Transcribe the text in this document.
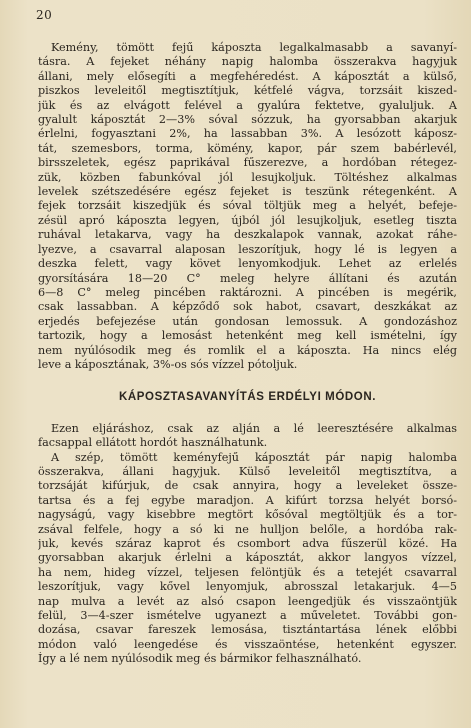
20
Kemény, tömött fejű káposzta legalkalmasabb a savanyí-
tásra. A fejeket néhány napig halomba összerakva hagyjuk
állani, mely elősegíti a megfehéredést. A káposztát a külső,
piszkos leveleitől megtisztítjuk, kétfelé vágva, torzsáit kiszed-
jük és az elvágott felével a gyalúra fektetve, gyaluljuk. A
gyalult káposztát 2—3% sóval sózzuk, ha gyorsabban akarjuk
érlelni, fogyasztani 2%, ha lassabban 3%. A lesózott káposz-
tát, szemesbors, torma, kömény, kapor, pár szem babérlevél,
birsszeletek, egész paprikával fűszerezve, a hordóban rétegez-
zük, közben fabunkóval jól lesujkoljuk. Töltéshez alkalmas
levelek szétszedésére egész fejeket is teszünk rétegenként. A
fejek torzsáit kiszedjük és sóval töltjük meg a helyét, befeje-
zésül apró káposzta legyen, újból jól lesujkoljuk, esetleg tiszta
ruhával letakarva, vagy ha deszkalapok vannak, azokat ráhe-
lyezve, a csavarral alaposan leszorítjuk, hogy lé is legyen a
deszka felett, vagy követ lenyomkodjuk. Lehet az erlelés
gyorsítására 18—20 C° meleg helyre állítani és azután
6—8 C° meleg pincében raktározni. A pincében is megérik,
csak lassabban. A képződő sok habot, csavart, deszkákat az
erjedés befejezése után gondosan lemossuk. A gondozáshoz
tartozik, hogy a lemosást hetenként meg kell ismételni, így
nem nyúlósodik meg és romlik el a káposzta. Ha nincs elég
leve a káposztának, 3%-os sós vízzel pótoljuk.
KÁPOSZTASAVANYÍTÁS ERDÉLYI MÓDON.
Ezen eljáráshoz, csak az alján a lé leeresztésére alkalmas
facsappal ellátott hordót használhatunk.
A szép, tömött keményfejű káposztát pár napig halomba
összerakva, állani hagyjuk. Külső leveleitől megtisztítva, a
torzsáját kifúrjuk, de csak annyira, hogy a leveleket össze-
tartsa és a fej egybe maradjon. A kifúrt torzsa helyét borsó-
nagyságú, vagy kisebbre megtört kősóval megtöltjük és a tor-
zsával felfele, hogy a só ki ne hulljon belőle, a hordóba rak-
juk, kevés száraz kaprot és csombort adva fűszerül közé. Ha
gyorsabban akarjuk érlelni a káposztát, akkor langyos vízzel,
ha nem, hideg vízzel, teljesen felöntjük és a tetejét csavarral
leszorítjuk, vagy kővel lenyomjuk, abrosszal letakarjuk. 4—5
nap mulva a levét az alsó csapon leengedjük és visszaöntjük
felül, 3—4-szer ismételve ugyanezt a műveletet. További gon-
dozása, csavar fareszek lemosása, tisztántartása lének előbbi
módon való leengedése és visszaöntése, hetenként egyszer.
Így a lé nem nyúlósodik meg és bármikor felhasználható.
